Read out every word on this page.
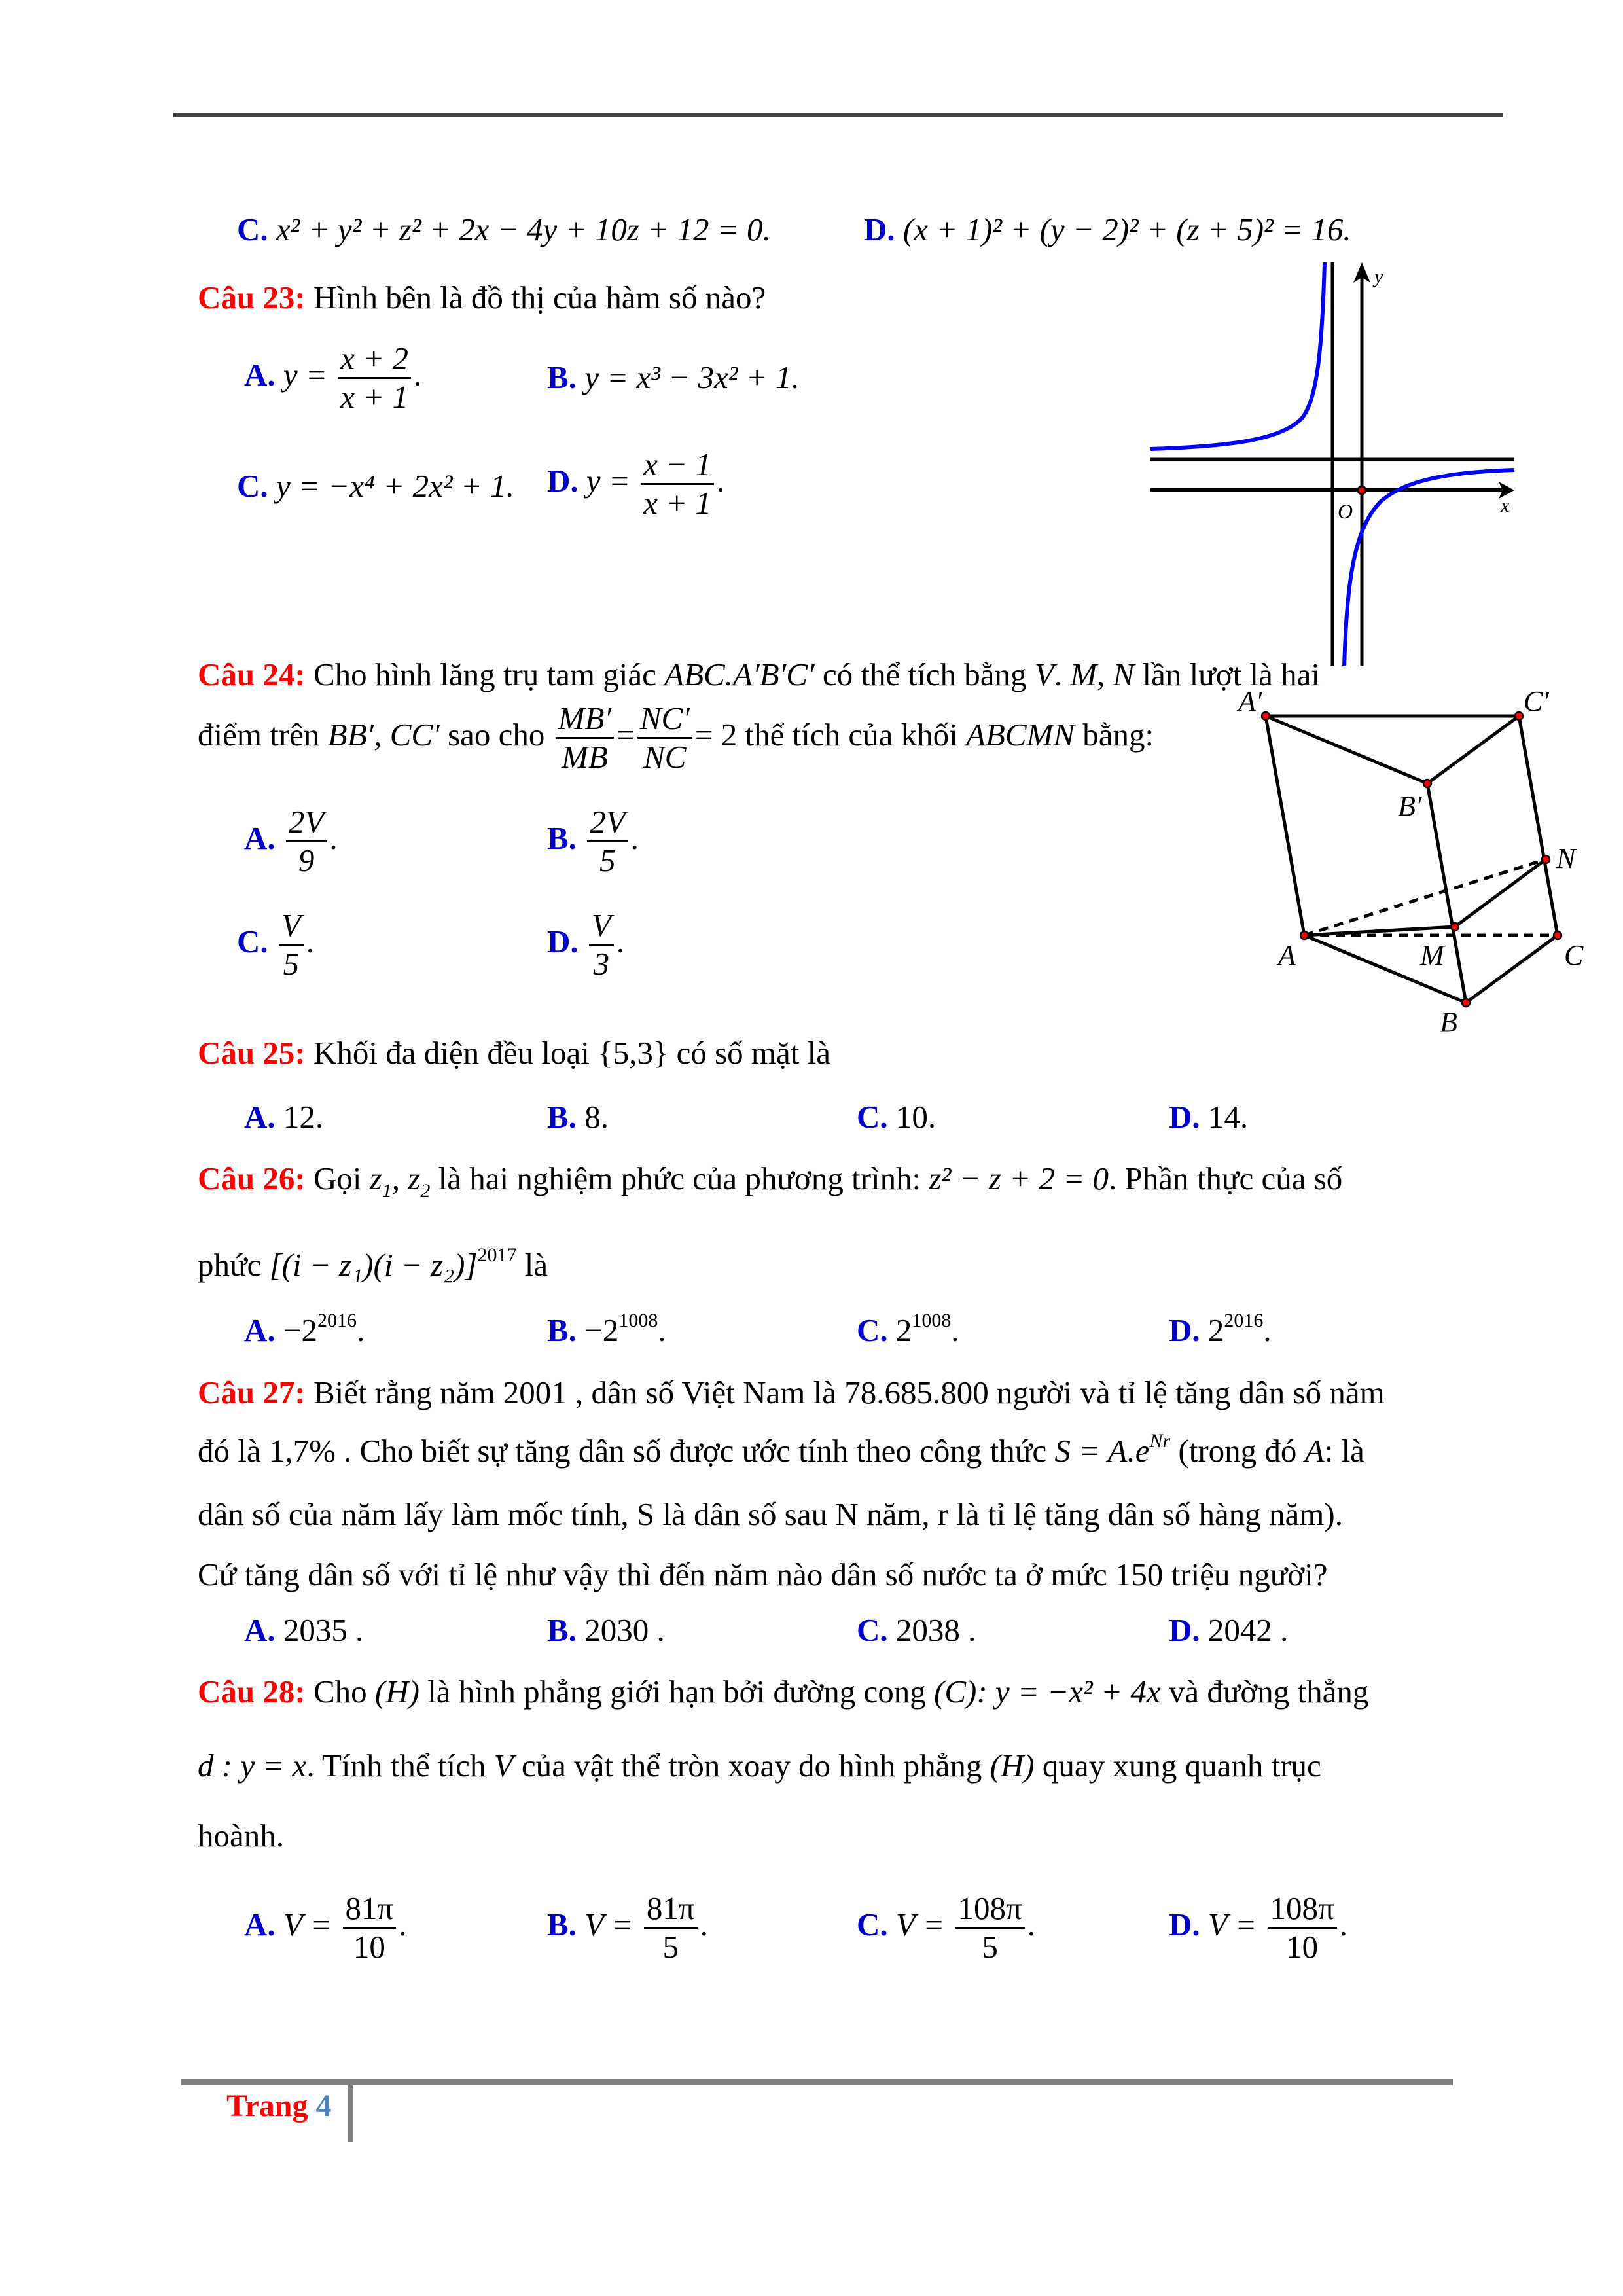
C. x² + y² + z² + 2x − 4y + 10z + 12 = 0.	D. (x + 1)² + (y − 2)² + (z + 5)² = 16.
Câu 23: Hình bên là đồ thị của hàm số nào?
A. $y = \frac{x + 2}{x + 1}$ .	B. y = x³ − 3x² + 1.
C. y = −x⁴ + 2x² + 1. D. $y = \frac{x - 1}{x + 1}$ .
y
x
O
Câu 24: Cho hình lăng trụ tam giác ABC.A′B′C′ có thể tích bằng V. M, N lần lượt là hai
điểm trên BB′, CC′ sao cho $\frac{MB'}{MB} = \frac{NC'}{NC} = 2$ thể tích của khối ABCMN bằng:
A. $\frac{2V}{9}$ .	B. $\frac{2V}{5}$ .
C. $\frac{V}{5}$ .	D. $\frac{V}{3}$ .
A′	C′
B′
N
M
A	C
B
Câu 25: Khối đa diện đều loại {5,3} có số mặt là
A. 12.	B. 8.	C. 10.	D. 14.
Câu 26: Gọi $z_1$, $z_2$ là hai nghiệm phức của phương trình: z² − z + 2 = 0. Phần thực của số
phức $[(i - z_1)(i - z_2)]^{2017}$ là
A. $-2^{2016}$.	B. $-2^{1008}$.	C. $2^{1008}$.	D. $2^{2016}$.
Câu 27: Biết rằng năm 2001 , dân số Việt Nam là 78.685.800 người và tỉ lệ tăng dân số năm
đó là 1,7% . Cho biết sự tăng dân số được ước tính theo công thức $S = A.e^{Nr}$ (trong đó A: là
dân số của năm lấy làm mốc tính, S là dân số sau N năm, r là tỉ lệ tăng dân số hàng năm).
Cứ tăng dân số với tỉ lệ như vậy thì đến năm nào dân số nước ta ở mức 150 triệu người?
A. 2035 .	B. 2030 .	C. 2038 .	D. 2042 .
Câu 28: Cho (H) là hình phẳng giới hạn bởi đường cong (C): y = −x² + 4x và đường thẳng
d : y = x. Tính thể tích V của vật thể tròn xoay do hình phẳng (H) quay xung quanh trục
hoành.
A. $V = \frac{81\pi}{10}$ .	B. $V = \frac{81\pi}{5}$ .	C. $V = \frac{108\pi}{5}$ .	D. $V = \frac{108\pi}{10}$ .
Trang 4
